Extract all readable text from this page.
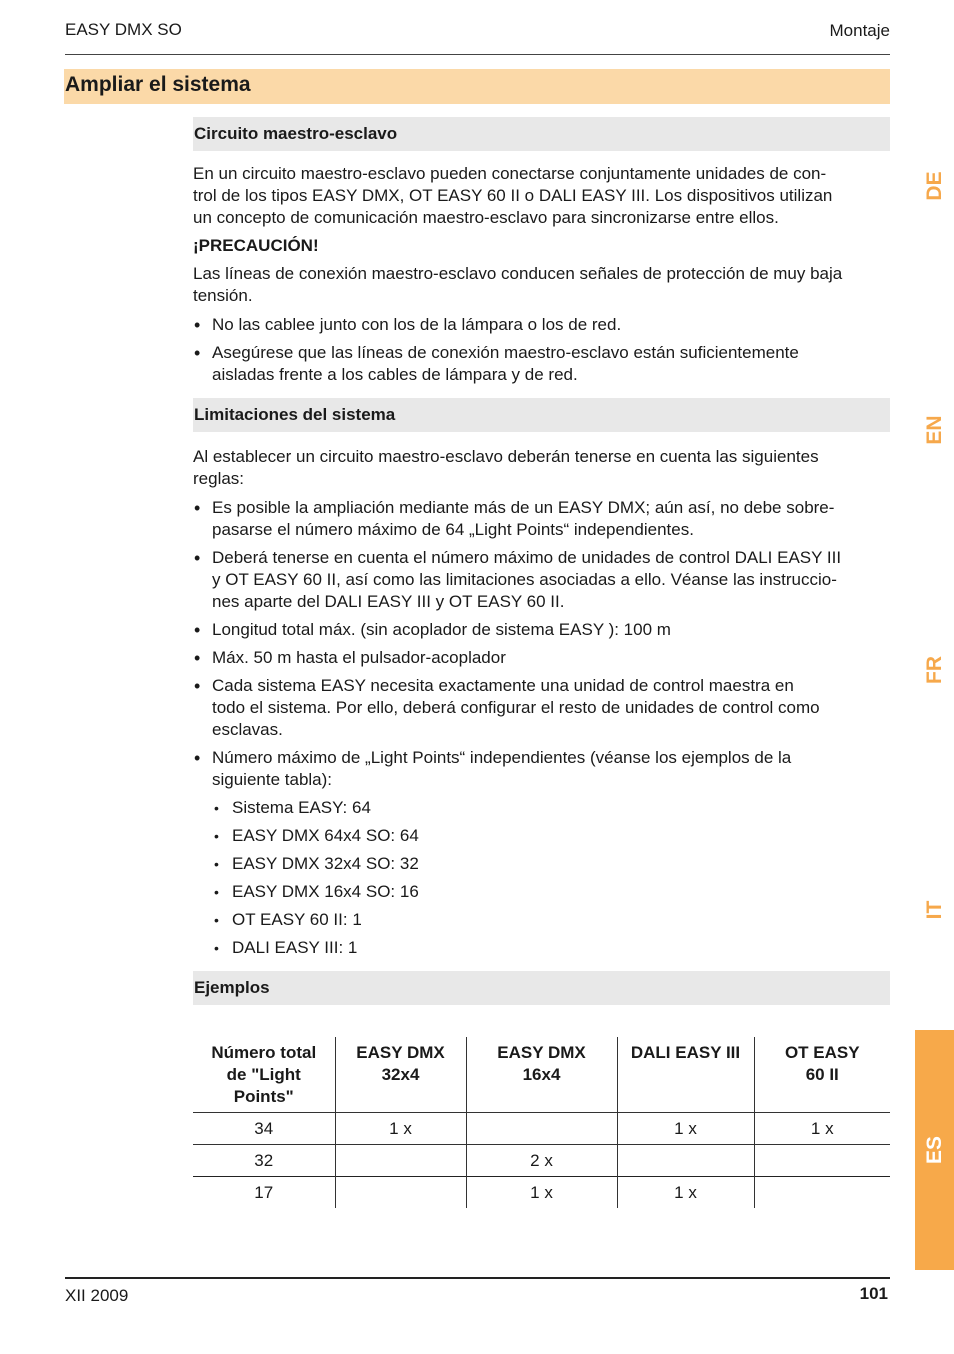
EASY DMX SO	Montaje
Ampliar el sistema
Circuito maestro-esclavo

En un circuito maestro-esclavo pueden conectarse conjuntamente unidades de con-
trol de los tipos EASY DMX, OT EASY 60 II o DALI EASY III. Los dispositivos utilizan
un concepto de comunicación maestro-esclavo para sincronizarse entre ellos.

¡PRECAUCIÓN!

Las líneas de conexión maestro-esclavo conducen señales de protección de muy baja
tensión.

• No las cablee junto con los de la lámpara o los de red.
• Asegúrese que las líneas de conexión maestro-esclavo están suficientemente
aisladas frente a los cables de lámpara y de red.
Limitaciones del sistema

Al establecer un circuito maestro-esclavo deberán tenerse en cuenta las siguientes
reglas:

• Es posible la ampliación mediante más de un EASY DMX; aún así, no debe sobre-
pasarse el número máximo de 64 „Light Points“ independientes.
• Deberá tenerse en cuenta el número máximo de unidades de control DALI EASY III
y OT EASY 60 II, así como las limitaciones asociadas a ello. Véanse las instruccio-
nes aparte del DALI EASY III y OT EASY 60 II.
• Longitud total máx. (sin acoplador de sistema EASY ): 100 m
• Máx. 50 m hasta el pulsador-acoplador
• Cada sistema EASY necesita exactamente una unidad de control maestra en
todo el sistema. Por ello, deberá configurar el resto de unidades de control como
esclavas.
• Número máximo de „Light Points“ independientes (véanse los ejemplos de la
siguiente tabla):
• Sistema EASY: 64
• EASY DMX 64x4 SO: 64
• EASY DMX 32x4 SO: 32
• EASY DMX 16x4 SO: 16
• OT EASY 60 II: 1
• DALI EASY III: 1
Ejemplos
Número total
de "Light
Points"	EASY DMX
32x4	EASY DMX
16x4	DALI EASY III	OT EASY
60 II
34	1 x		1 x	1 x
32		2 x		
17		1 x	1 x	
DE
EN
FR
IT
ES
XII 2009	101
